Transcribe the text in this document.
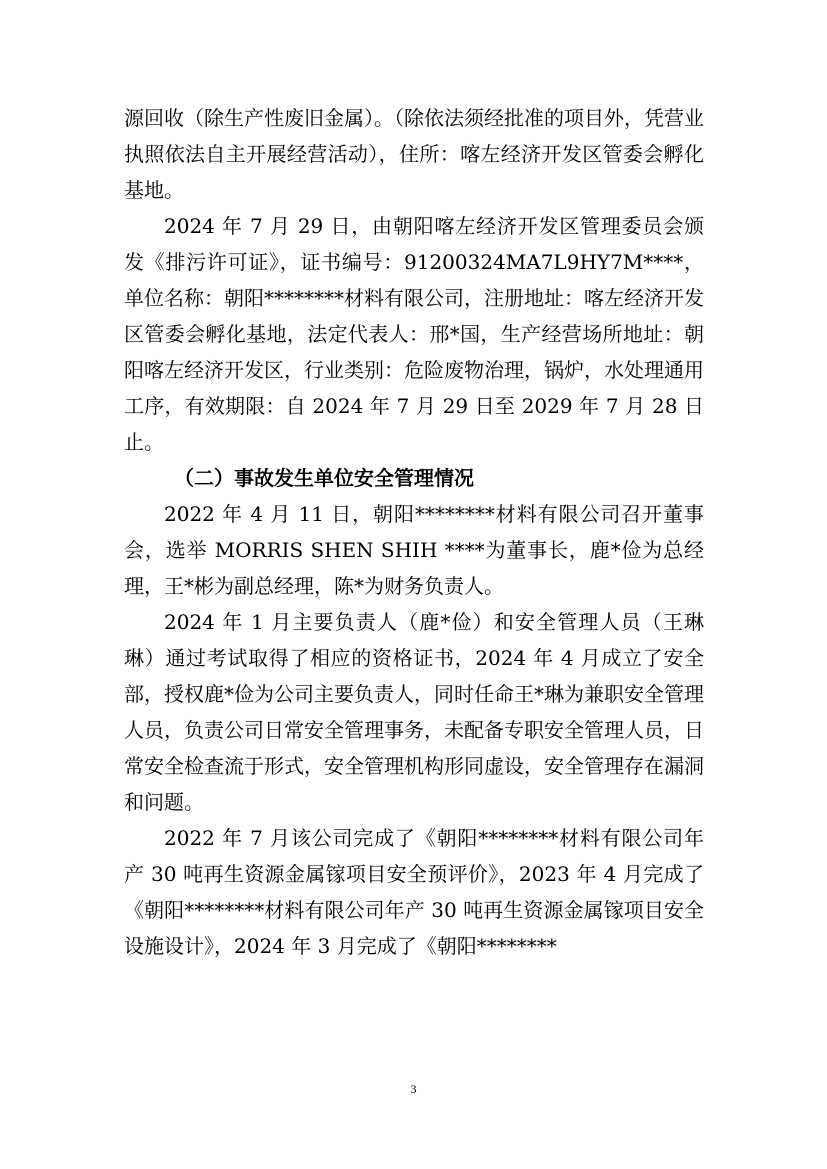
源回收（除生产性废旧金属）。（除依法须经批准的项目外，凭营业执照依法自主开展经营活动），住所：喀左经济开发区管委会孵化基地。

2024 年 7 月 29 日，由朝阳喀左经济开发区管理委员会颁发《排污许可证》，证书编号：91200324MA7L9HY7M****，单位名称：朝阳********材料有限公司，注册地址：喀左经济开发区管委会孵化基地，法定代表人：邢*国，生产经营场所地址：朝阳喀左经济开发区，行业类别：危险废物治理，锅炉，水处理通用工序，有效期限：自 2024 年 7 月 29 日至 2029 年 7 月 28 日止。

（二）事故发生单位安全管理情况

2022 年 4 月 11 日，朝阳********材料有限公司召开董事会，选举 MORRIS SHEN SHIH ****为董事长，鹿*俭为总经理，王*彬为副总经理，陈*为财务负责人。

2024 年 1 月主要负责人（鹿*俭）和安全管理人员（王琳琳）通过考试取得了相应的资格证书，2024 年 4 月成立了安全部，授权鹿*俭为公司主要负责人，同时任命王*琳为兼职安全管理人员，负责公司日常安全管理事务，未配备专职安全管理人员，日常安全检查流于形式，安全管理机构形同虚设，安全管理存在漏洞和问题。

2022 年 7 月该公司完成了《朝阳********材料有限公司年产 30 吨再生资源金属镓项目安全预评价》，2023 年 4 月完成了《朝阳********材料有限公司年产 30 吨再生资源金属镓项目安全设施设计》，2024 年 3 月完成了《朝阳********

3
